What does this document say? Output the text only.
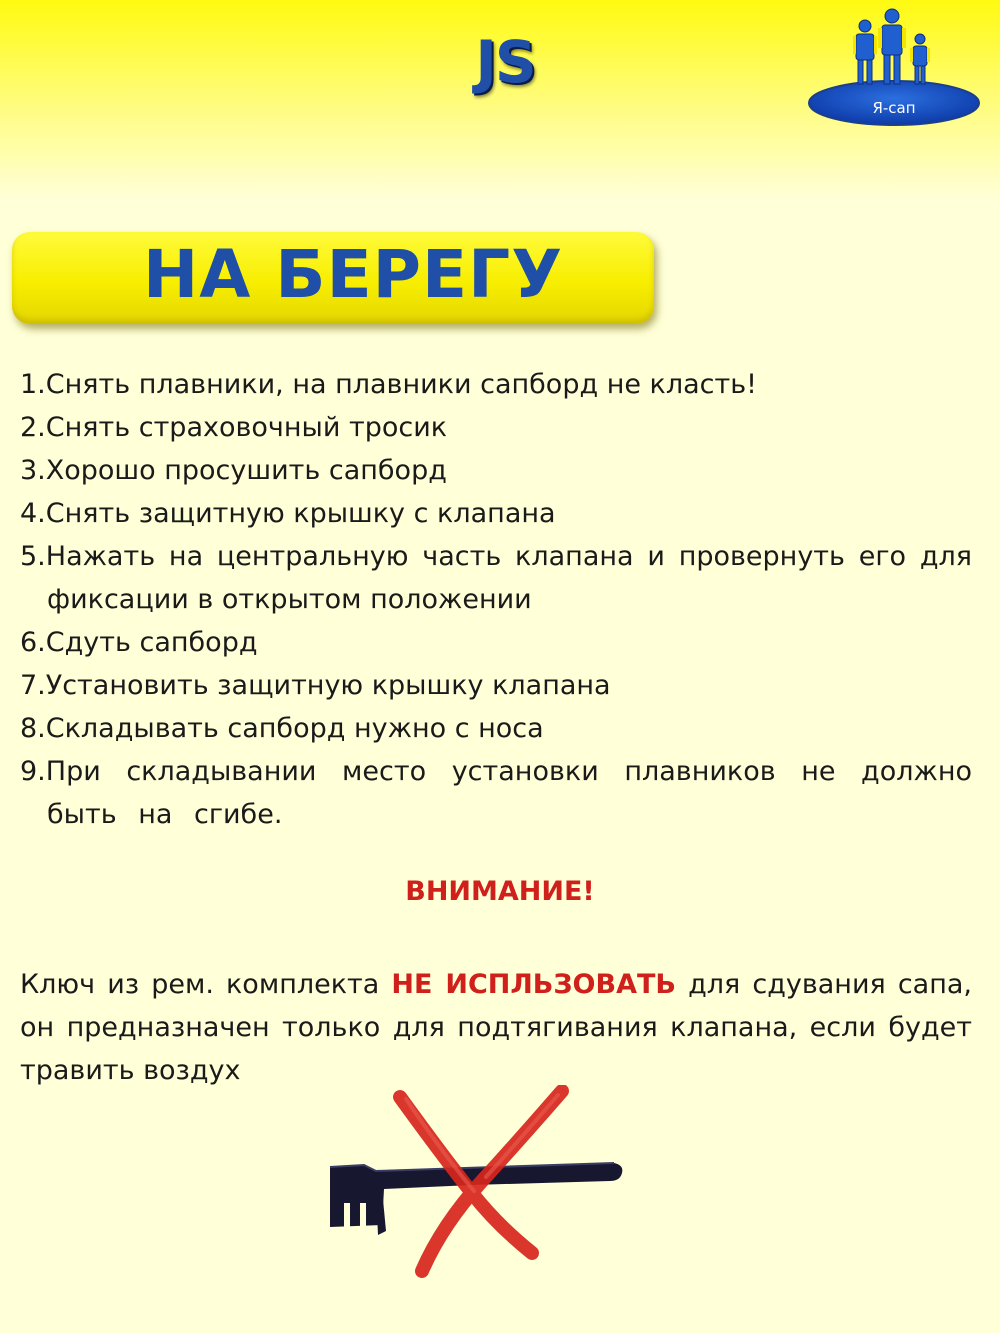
JS
Я-сап
НА БЕРЕГУ
1.Снять плавники, на плавники сапборд не класть!
2.Снять страховочный тросик
3.Хорошо просушить сапборд
4.Снять защитную крышку с клапана
5.Нажать на центральную часть клапана и провернуть его для фиксации в открытом положении
6.Сдуть сапборд
7.Установить защитную крышку клапана
8.Складывать сапборд нужно с носа
9.При складывании место установки плавников не должно быть на сгибе.
ВНИМАНИЕ!

Ключ из рем. комплекта НЕ ИСПЛЬЗОВАТЬ для сдувания сапа, он предназначен только для подтягивания клапана, если будет травить воздух
